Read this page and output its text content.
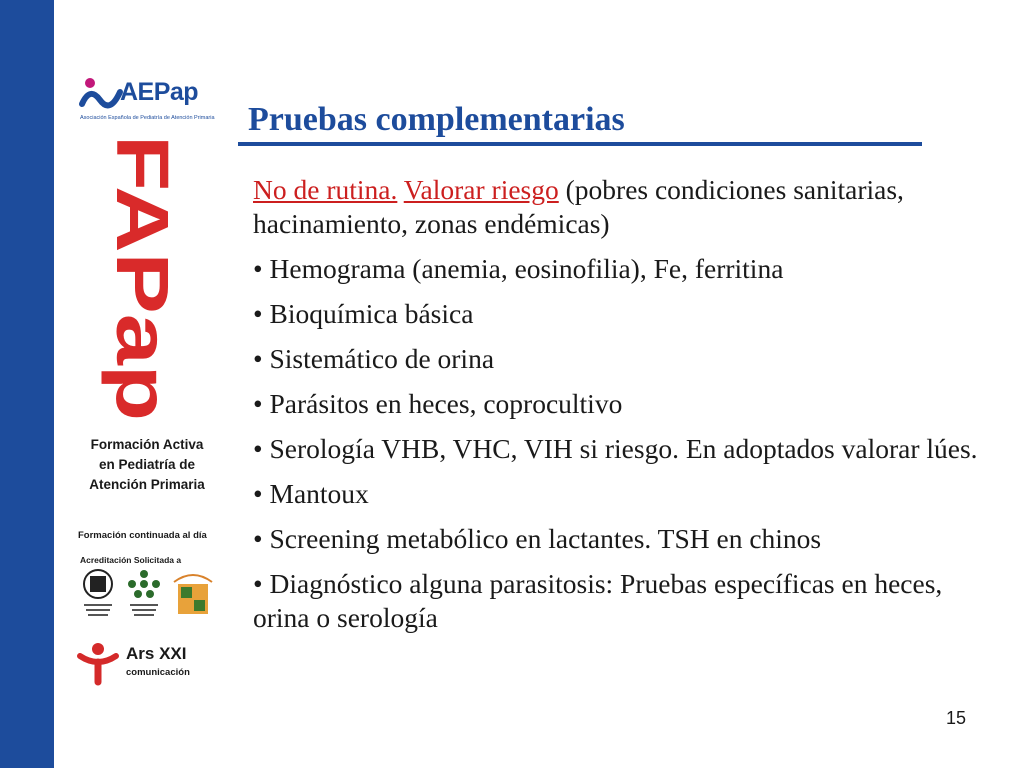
AEPap
Asociación Española de Pediatría de Atención Primaria
FAPap
Formación Activa
en Pediatría de
Atención Primaria
Formación continuada al día
Acreditación Solicitada a
Ars XXI
comunicación
Pruebas complementarias

No de rutina. Valorar riesgo (pobres condiciones sanitarias, hacinamiento, zonas endémicas)

• Hemograma (anemia, eosinofilia), Fe, ferritina

• Bioquímica básica

• Sistemático de orina

• Parásitos en heces, coprocultivo

• Serología VHB, VHC, VIH si riesgo. En adoptados valorar lúes.

• Mantoux

• Screening metabólico en lactantes. TSH en chinos

• Diagnóstico alguna parasitosis: Pruebas específicas en heces, orina o serología

15
